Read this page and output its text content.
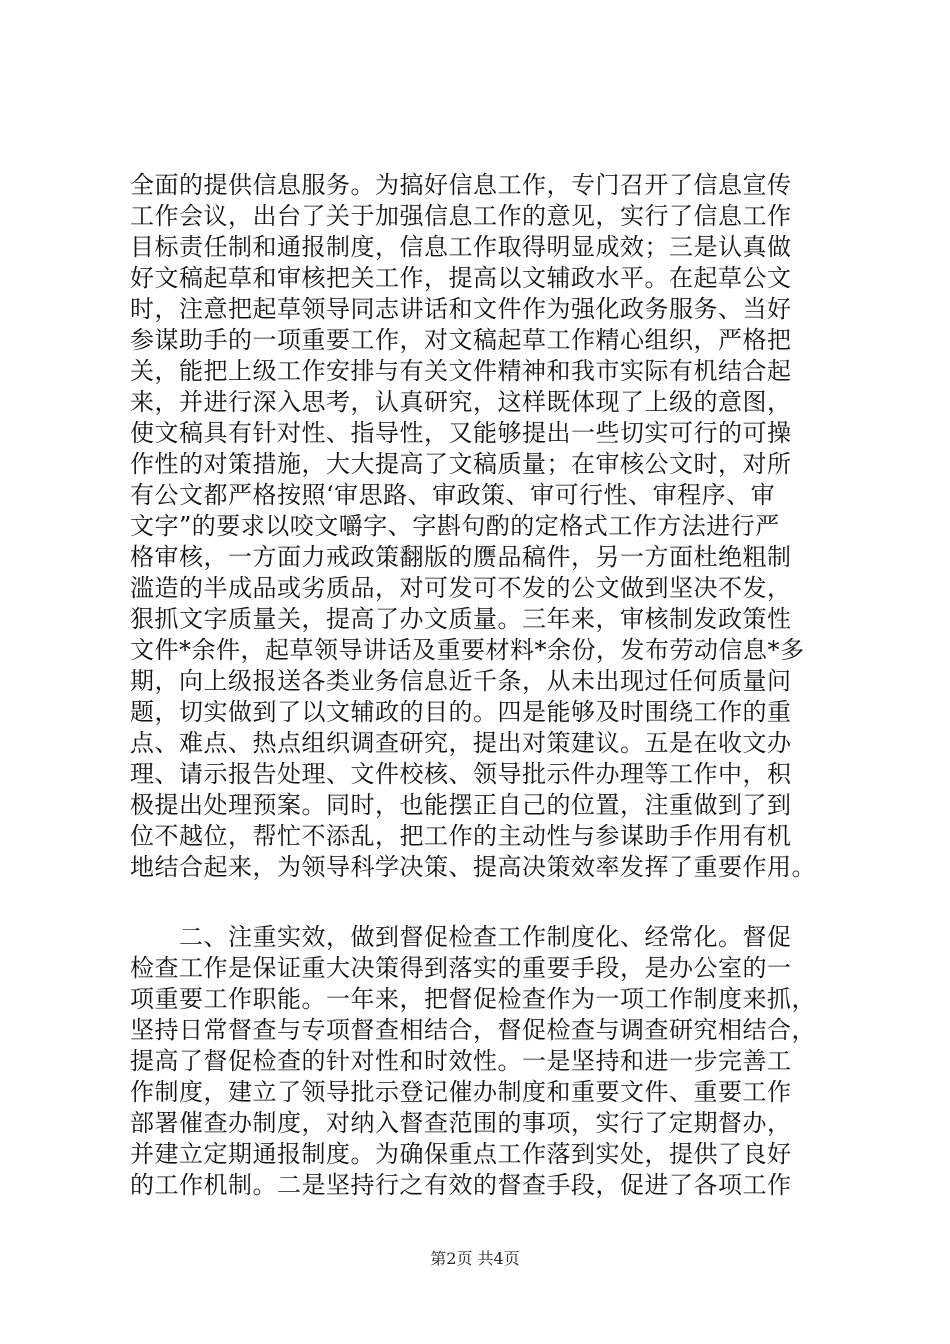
全面的提供信息服务。为搞好信息工作，专门召开了信息宣传
工作会议，出台了关于加强信息工作的意见，实行了信息工作
目标责任制和通报制度，信息工作取得明显成效；三是认真做
好文稿起草和审核把关工作，提高以文辅政水平。在起草公文
时，注意把起草领导同志讲话和文件作为强化政务服务、当好
参谋助手的一项重要工作，对文稿起草工作精心组织，严格把
关，能把上级工作安排与有关文件精神和我市实际有机结合起
来，并进行深入思考，认真研究，这样既体现了上级的意图，
使文稿具有针对性、指导性，又能够提出一些切实可行的可操
作性的对策措施，大大提高了文稿质量；在审核公文时，对所
有公文都严格按照‘审思路、审政策、审可行性、审程序、审
文字”的要求以咬文嚼字、字斟句酌的定格式工作方法进行严
格审核，一方面力戒政策翻版的赝品稿件，另一方面杜绝粗制
滥造的半成品或劣质品，对可发可不发的公文做到坚决不发，
狠抓文字质量关，提高了办文质量。三年来，审核制发政策性
文件*余件，起草领导讲话及重要材料*余份，发布劳动信息*多
期，向上级报送各类业务信息近千条，从未出现过任何质量问
题，切实做到了以文辅政的目的。四是能够及时围绕工作的重
点、难点、热点组织调查研究，提出对策建议。五是在收文办
理、请示报告处理、文件校核、领导批示件办理等工作中，积
极提出处理预案。同时，也能摆正自己的位置，注重做到了到
位不越位，帮忙不添乱，把工作的主动性与参谋助手作用有机
地结合起来，为领导科学决策、提高决策效率发挥了重要作用。
　　二、注重实效，做到督促检查工作制度化、经常化。督促
检查工作是保证重大决策得到落实的重要手段，是办公室的一
项重要工作职能。一年来，把督促检查作为一项工作制度来抓，
坚持日常督查与专项督查相结合，督促检查与调查研究相结合，
提高了督促检查的针对性和时效性。一是坚持和进一步完善工
作制度，建立了领导批示登记催办制度和重要文件、重要工作
部署催查办制度，对纳入督查范围的事项，实行了定期督办，
并建立定期通报制度。为确保重点工作落到实处，提供了良好
的工作机制。二是坚持行之有效的督查手段，促进了各项工作
第2页 共4页
